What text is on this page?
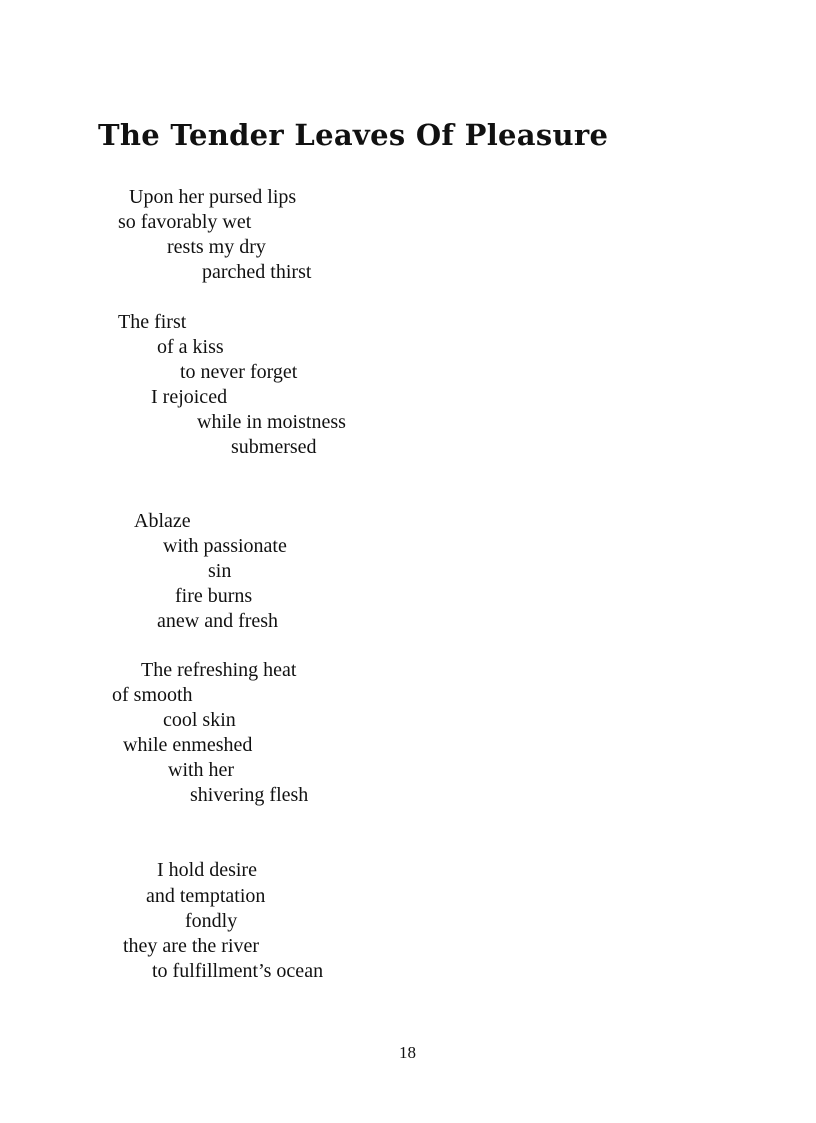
The Tender Leaves Of Pleasure
Upon her pursed lips
so favorably wet
rests my dry
parched thirst
The first
of a kiss
to never forget
I rejoiced
while in moistness
submersed
Ablaze
with passionate
sin
fire burns
anew and fresh
The refreshing heat
of smooth
cool skin
while enmeshed
with her
shivering flesh
I hold desire
and temptation
fondly
they are the river
to fulfillment’s ocean
18
